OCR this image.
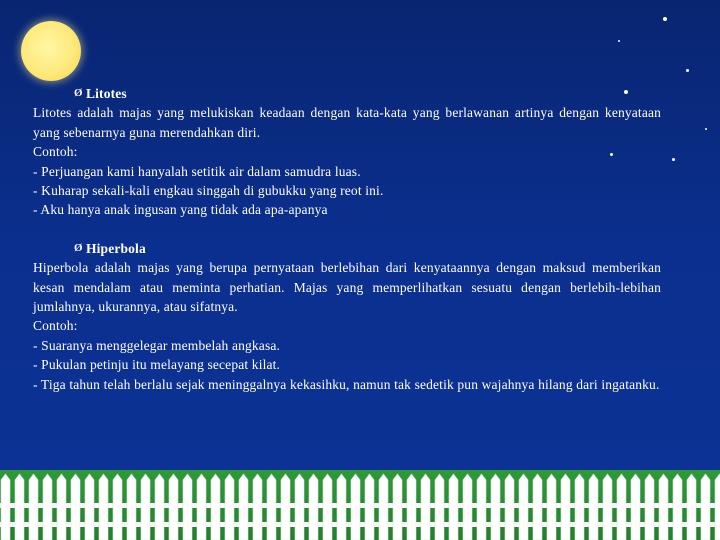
Ø Litotes
Litotes adalah majas yang melukiskan keadaan dengan kata-kata yang berlawanan artinya dengan kenyataan yang sebenarnya guna merendahkan diri.
Contoh:
- Perjuangan kami hanyalah setitik air dalam samudra luas.
- Kuharap sekali-kali engkau singgah di gubukku yang reot ini.
- Aku hanya anak ingusan yang tidak ada apa-apanya
Ø Hiperbola
Hiperbola adalah majas yang berupa pernyataan berlebihan dari kenyataannya dengan maksud memberikan kesan mendalam atau meminta perhatian. Majas yang memperlihatkan sesuatu dengan berlebih-lebihan jumlahnya, ukurannya, atau sifatnya.
Contoh:
- Suaranya menggelegar membelah angkasa.
- Pukulan petinju itu melayang secepat kilat.
- Tiga tahun telah berlalu sejak meninggalnya kekasihku, namun tak sedetik pun wajahnya hilang dari ingatanku.
